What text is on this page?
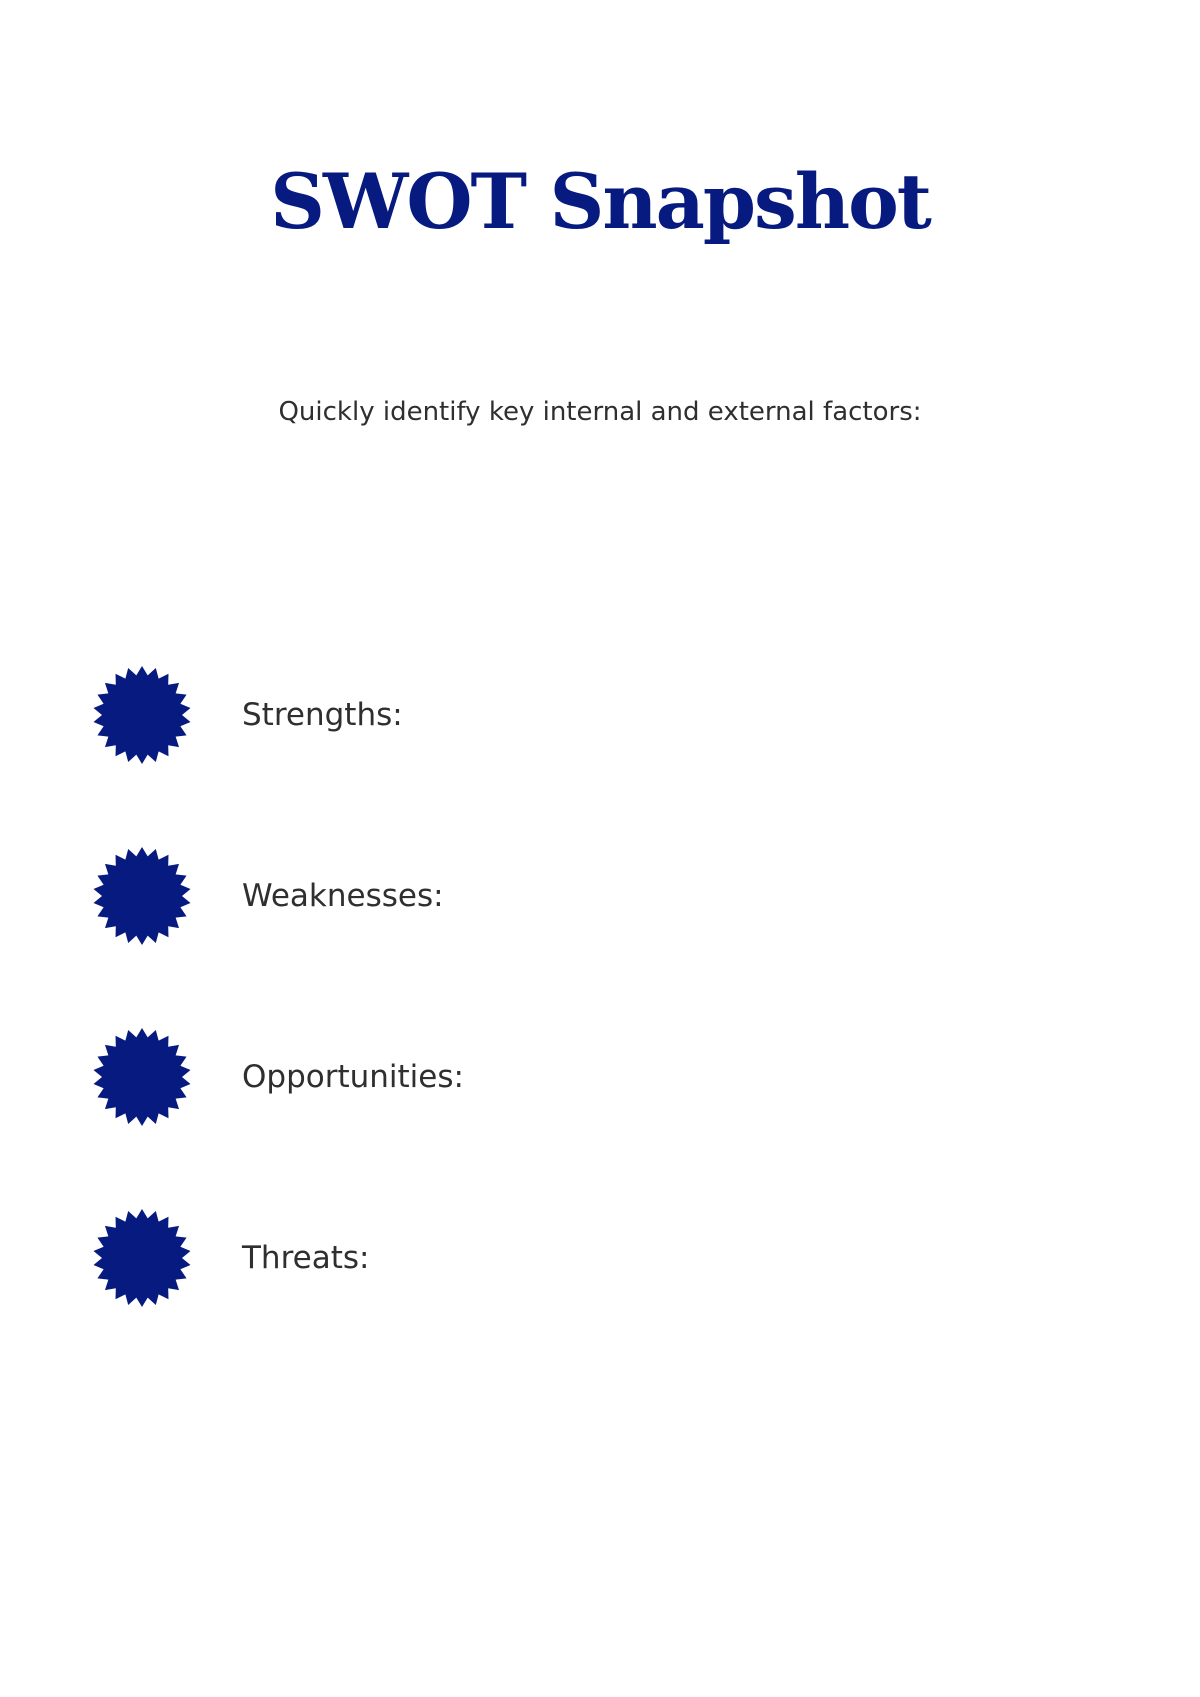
SWOT Snapshot

Quickly identify key internal and external factors:

Strengths:
Weaknesses:
Opportunities:
Threats:
